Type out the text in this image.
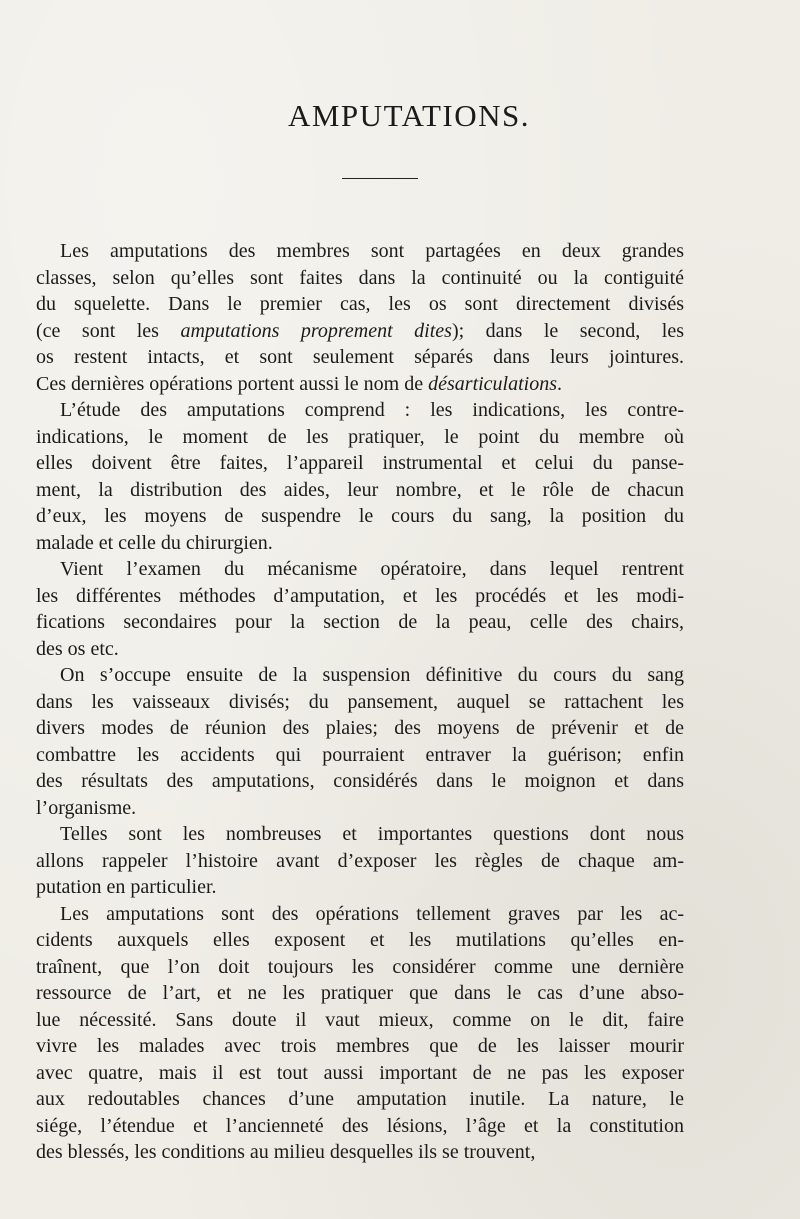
AMPUTATIONS.
Les amputations des membres sont partagées en deux grandes
classes, selon qu’elles sont faites dans la continuité ou la contiguité
du squelette. Dans le premier cas, les os sont directement divisés
(ce sont les amputations proprement dites); dans le second, les
os restent intacts, et sont seulement séparés dans leurs jointures.
Ces dernières opérations portent aussi le nom de désarticulations.
L’étude des amputations comprend : les indications, les contre-
indications, le moment de les pratiquer, le point du membre où
elles doivent être faites, l’appareil instrumental et celui du panse-
ment, la distribution des aides, leur nombre, et le rôle de chacun
d’eux, les moyens de suspendre le cours du sang, la position du
malade et celle du chirurgien.
Vient l’examen du mécanisme opératoire, dans lequel rentrent
les différentes méthodes d’amputation, et les procédés et les modi-
fications secondaires pour la section de la peau, celle des chairs,
des os etc.
On s’occupe ensuite de la suspension définitive du cours du sang
dans les vaisseaux divisés; du pansement, auquel se rattachent les
divers modes de réunion des plaies; des moyens de prévenir et de
combattre les accidents qui pourraient entraver la guérison; enfin
des résultats des amputations, considérés dans le moignon et dans
l’organisme.
Telles sont les nombreuses et importantes questions dont nous
allons rappeler l’histoire avant d’exposer les règles de chaque am-
putation en particulier.
Les amputations sont des opérations tellement graves par les ac-
cidents auxquels elles exposent et les mutilations qu’elles en-
traînent, que l’on doit toujours les considérer comme une dernière
ressource de l’art, et ne les pratiquer que dans le cas d’une abso-
lue nécessité. Sans doute il vaut mieux, comme on le dit, faire
vivre les malades avec trois membres que de les laisser mourir
avec quatre, mais il est tout aussi important de ne pas les exposer
aux redoutables chances d’une amputation inutile. La nature, le
siége, l’étendue et l’ancienneté des lésions, l’âge et la constitution
des blessés, les conditions au milieu desquelles ils se trouvent,
